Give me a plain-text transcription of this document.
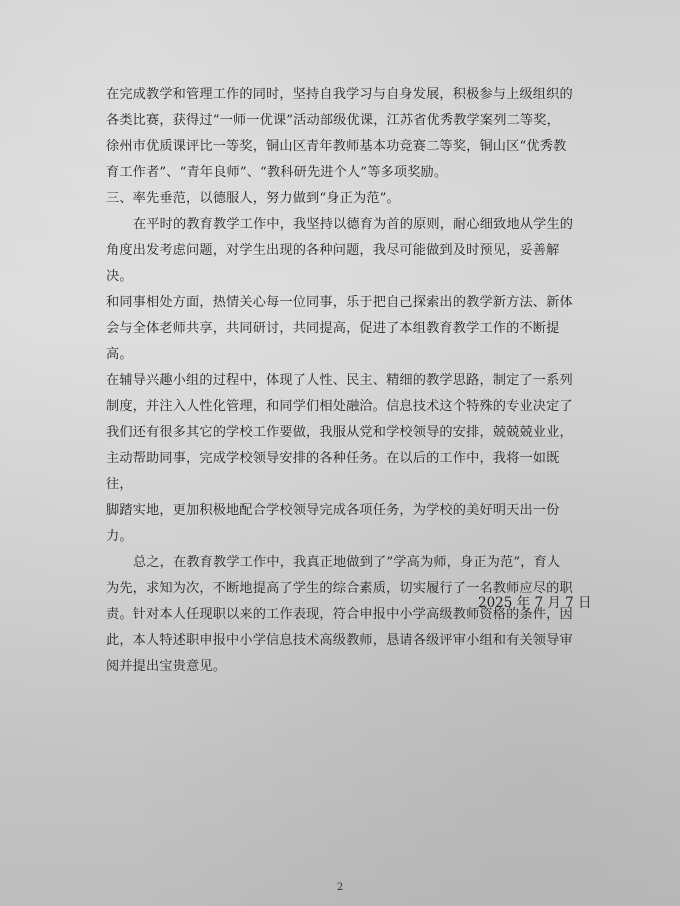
在完成教学和管理工作的同时，坚持自我学习与自身发展，积极参与上级组织的
各类比赛，获得过“一师一优课”活动部级优课，江苏省优秀教学案列二等奖，
徐州市优质课评比一等奖，铜山区青年教师基本功竞赛二等奖，铜山区“优秀教
育工作者”、“青年良师”、“教科研先进个人”等多项奖励。
三、率先垂范，以德服人，努力做到“身正为范”。
在平时的教育教学工作中，我坚持以德育为首的原则，耐心细致地从学生的
角度出发考虑问题，对学生出现的各种问题，我尽可能做到及时预见，妥善解决。
和同事相处方面，热情关心每一位同事，乐于把自己探索出的教学新方法、新体
会与全体老师共享，共同研讨，共同提高，促进了本组教育教学工作的不断提高。
在辅导兴趣小组的过程中，体现了人性、民主、精细的教学思路，制定了一系列
制度，并注入人性化管理，和同学们相处融洽。信息技术这个特殊的专业决定了
我们还有很多其它的学校工作要做，我服从党和学校领导的安排，兢兢兢业业，
主动帮助同事，完成学校领导安排的各种任务。在以后的工作中，我将一如既往，
脚踏实地，更加积极地配合学校领导完成各项任务，为学校的美好明天出一份力。
总之，在教育教学工作中，我真正地做到了”学高为师，身正为范”，育人
为先，求知为次，不断地提高了学生的综合素质，切实履行了一名教师应尽的职
责。针对本人任现职以来的工作表现，符合申报中小学高级教师资格的条件，因
此，本人特述职申报中小学信息技术高级教师，恳请各级评审小组和有关领导审
阅并提出宝贵意见。
2025 年 7 月 7 日
2
